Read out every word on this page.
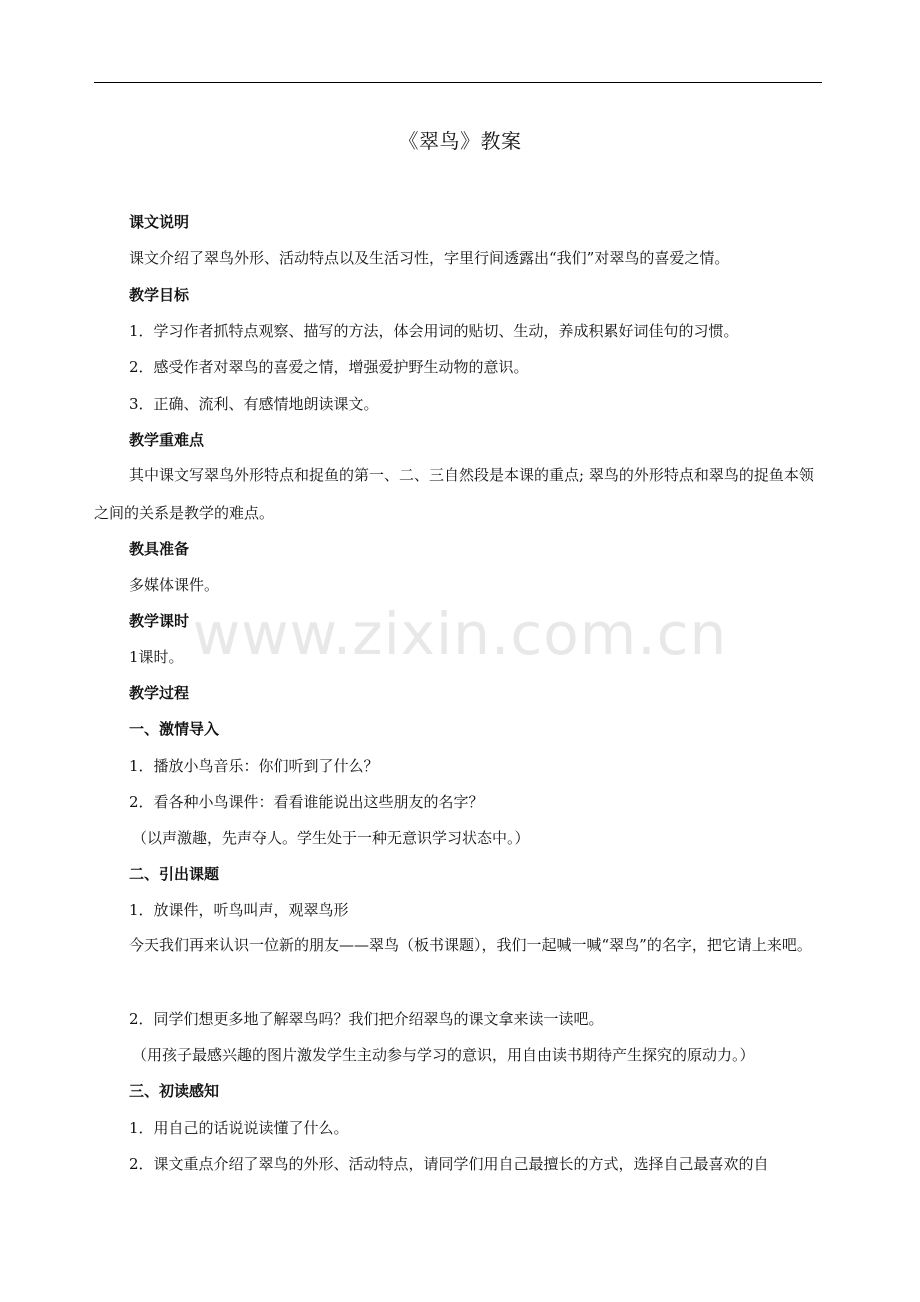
《翠鸟》教案
www.zixin.com.cn
课文说明
课文介绍了翠鸟外形、活动特点以及生活习性，字里行间透露出“我们”对翠鸟的喜爱之情。
教学目标
1．学习作者抓特点观察、描写的方法，体会用词的贴切、生动，养成积累好词佳句的习惯。
2．感受作者对翠鸟的喜爱之情，增强爱护野生动物的意识。
3．正确、流利、有感情地朗读课文。
教学重难点
其中课文写翠鸟外形特点和捉鱼的第一、二、三自然段是本课的重点; 翠鸟的外形特点和翠鸟的捉鱼本领之间的关系是教学的难点。
教具准备
多媒体课件。
教学课时
1课时。
教学过程
一、激情导入
1．播放小鸟音乐：你们听到了什么？
2．看各种小鸟课件：看看谁能说出这些朋友的名字？
（以声激趣，先声夺人。学生处于一种无意识学习状态中。）
二、引出课题
1．放课件，听鸟叫声，观翠鸟形
今天我们再来认识一位新的朋友——翠鸟（板书课题），我们一起喊一喊“翠鸟”的名字，把它请上来吧。
2．同学们想更多地了解翠鸟吗？我们把介绍翠鸟的课文拿来读一读吧。
（用孩子最感兴趣的图片激发学生主动参与学习的意识，用自由读书期待产生探究的原动力。）
三、初读感知
1．用自己的话说说读懂了什么。
2．课文重点介绍了翠鸟的外形、活动特点，请同学们用自己最擅长的方式，选择自己最喜欢的自
